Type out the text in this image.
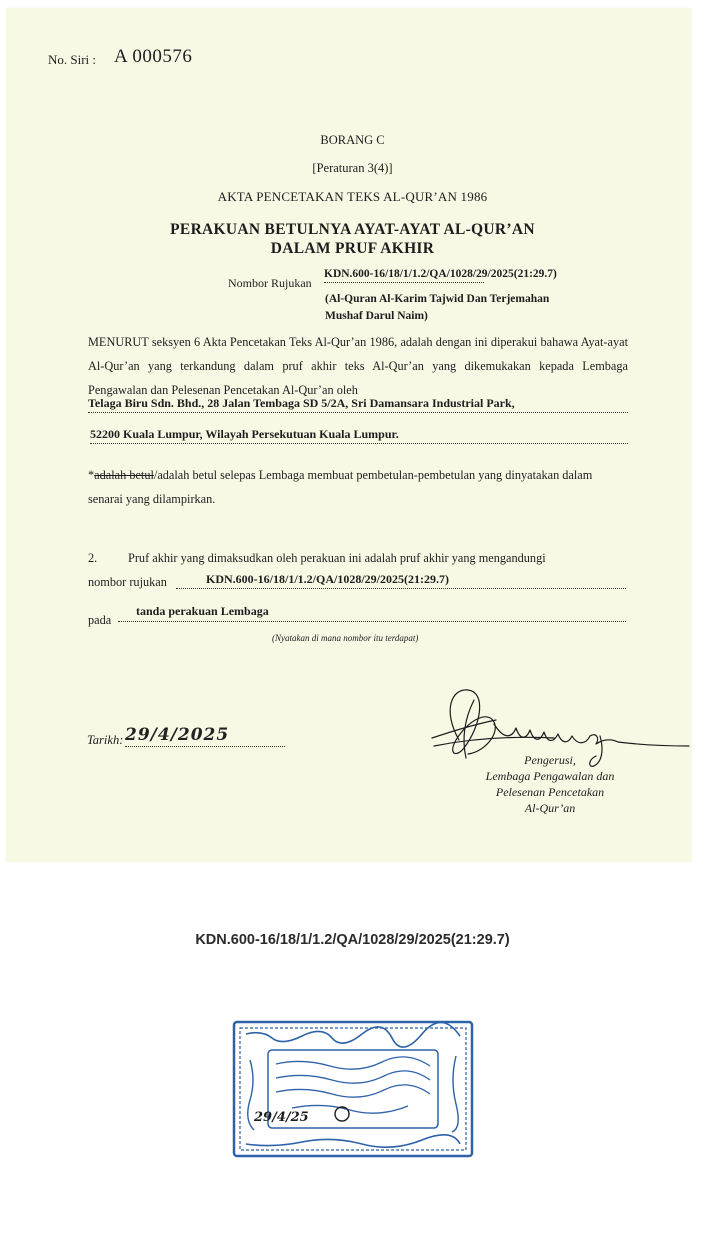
No. Siri : A 000576
BORANG C
[Peraturan 3(4)]
AKTA PENCETAKAN TEKS AL-QUR’AN 1986
PERAKUAN BETULNYA AYAT-AYAT AL-QUR’AN
DALAM PRUF AKHIR
Nombor Rujukan
KDN.600-16/18/1/1.2/QA/1028/29/2025(21:29.7)
(Al-Quran Al-Karim Tajwid Dan Terjemahan
Mushaf Darul Naim)
MENURUT seksyen 6 Akta Pencetakan Teks Al-Qur’an 1986, adalah dengan ini diperakui bahawa Ayat-ayat Al-Qur’an yang terkandung dalam pruf akhir teks Al-Qur’an yang dikemukakan kepada Lembaga Pengawalan dan Pelesenan Pencetakan Al-Qur’an oleh
Telaga Biru Sdn. Bhd., 28 Jalan Tembaga SD 5/2A, Sri Damansara Industrial Park,
52200 Kuala Lumpur, Wilayah Persekutuan Kuala Lumpur.
*adalah betul/adalah betul selepas Lembaga membuat pembetulan-pembetulan yang dinyatakan dalam senarai yang dilampirkan.
2.	Pruf akhir yang dimaksudkan oleh perakuan ini adalah pruf akhir yang mengandungi
nombor rujukan	KDN.600-16/18/1/1.2/QA/1028/29/2025(21:29.7)
pada
tanda perakuan Lembaga
(Nyatakan di mana nombor itu terdapat)
Tarikh: 29/4/2025
Pengerusi,
Lembaga Pengawalan dan
Pelesenan Pencetakan
Al-Qur’an
KDN.600-16/18/1/1.2/QA/1028/29/2025(21:29.7)
29/4/25
